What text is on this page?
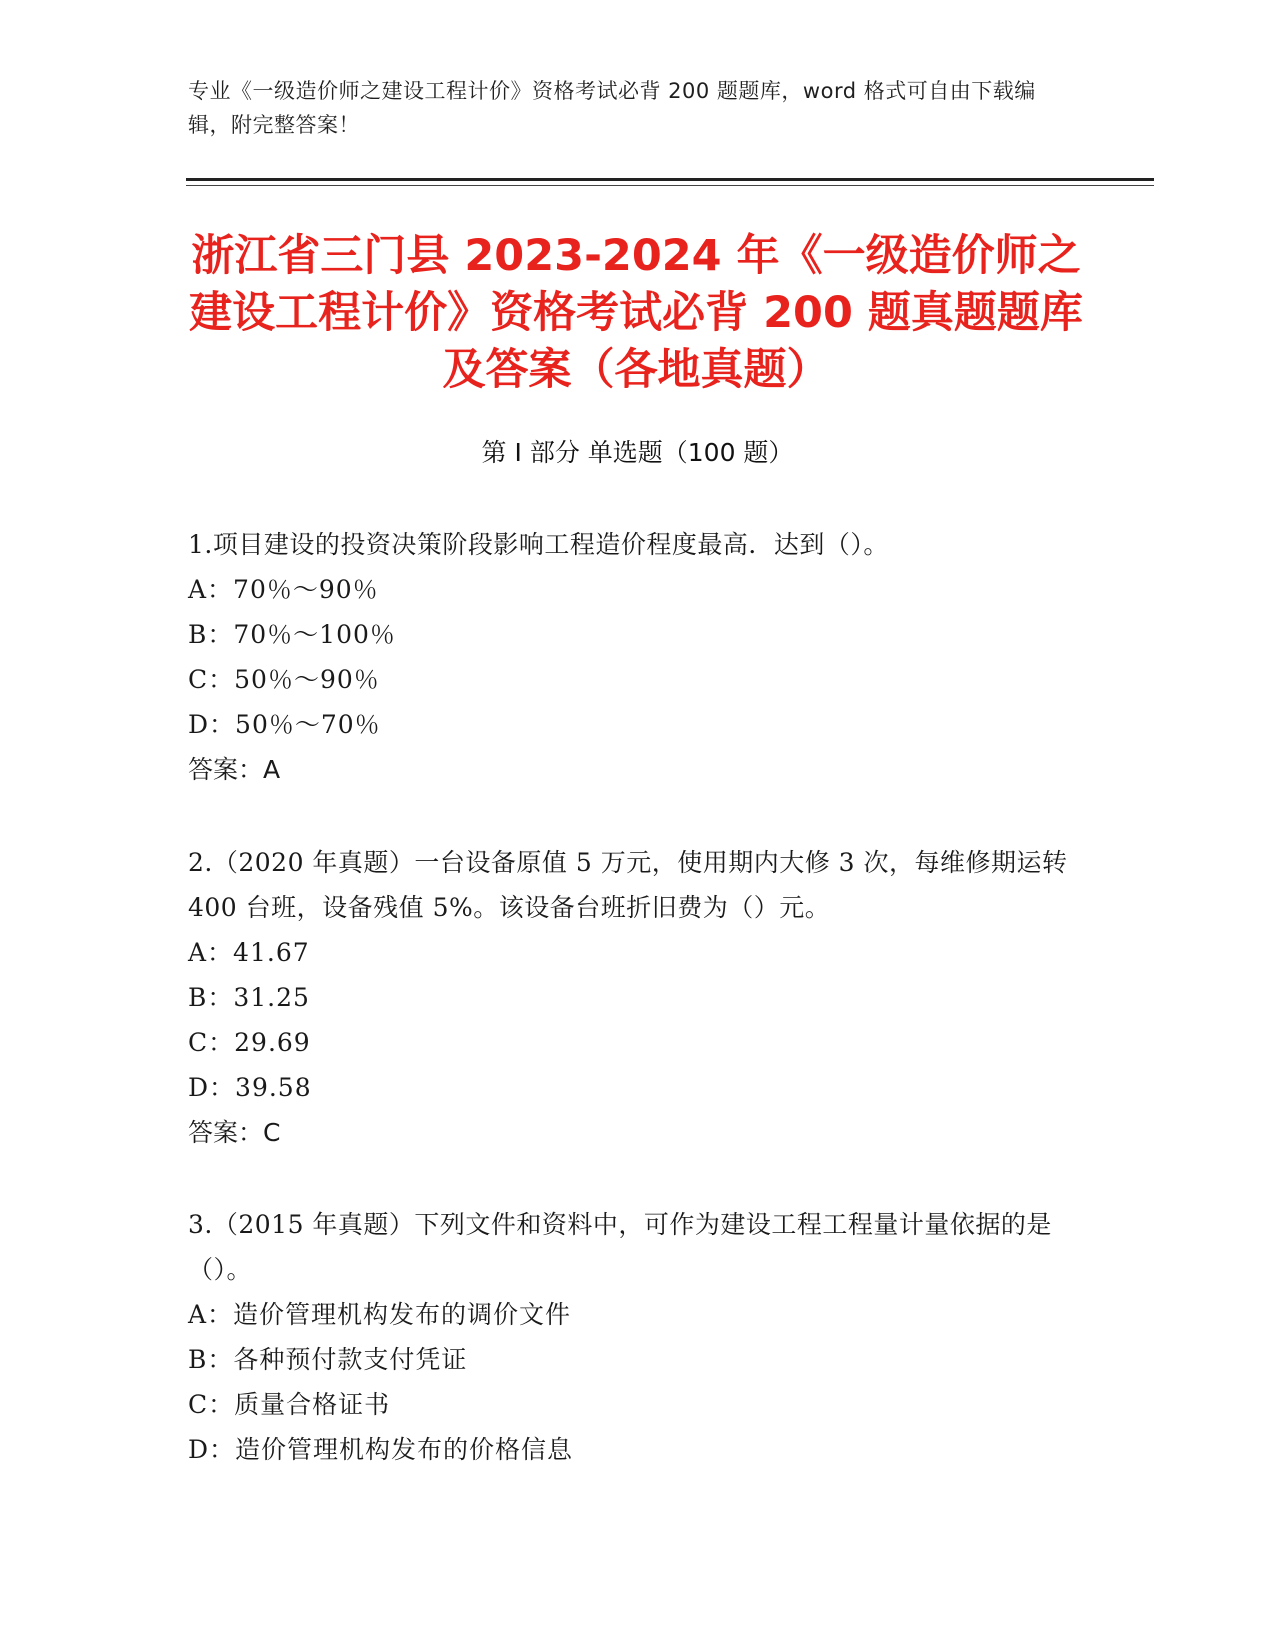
专业《一级造价师之建设工程计价》资格考试必背 200 题题库，word 格式可自由下载编辑，附完整答案！
浙江省三门县 2023-2024 年《一级造价师之建设工程计价》资格考试必背 200 题真题题库及答案（各地真题）
第 I 部分 单选题（100 题）
1.项目建设的投资决策阶段影响工程造价程度最高．达到（）。
A：70％～90％
B：70％～100％
C：50％～90％
D：50％～70％
答案：A
2.（2020 年真题）一台设备原值 5 万元，使用期内大修 3 次，每维修期运转 400 台班，设备残值 5%。该设备台班折旧费为（）元。
A：41.67
B：31.25
C：29.69
D：39.58
答案：C
3.（2015 年真题）下列文件和资料中，可作为建设工程工程量计量依据的是（）。
A：造价管理机构发布的调价文件
B：各种预付款支付凭证
C：质量合格证书
D：造价管理机构发布的价格信息
